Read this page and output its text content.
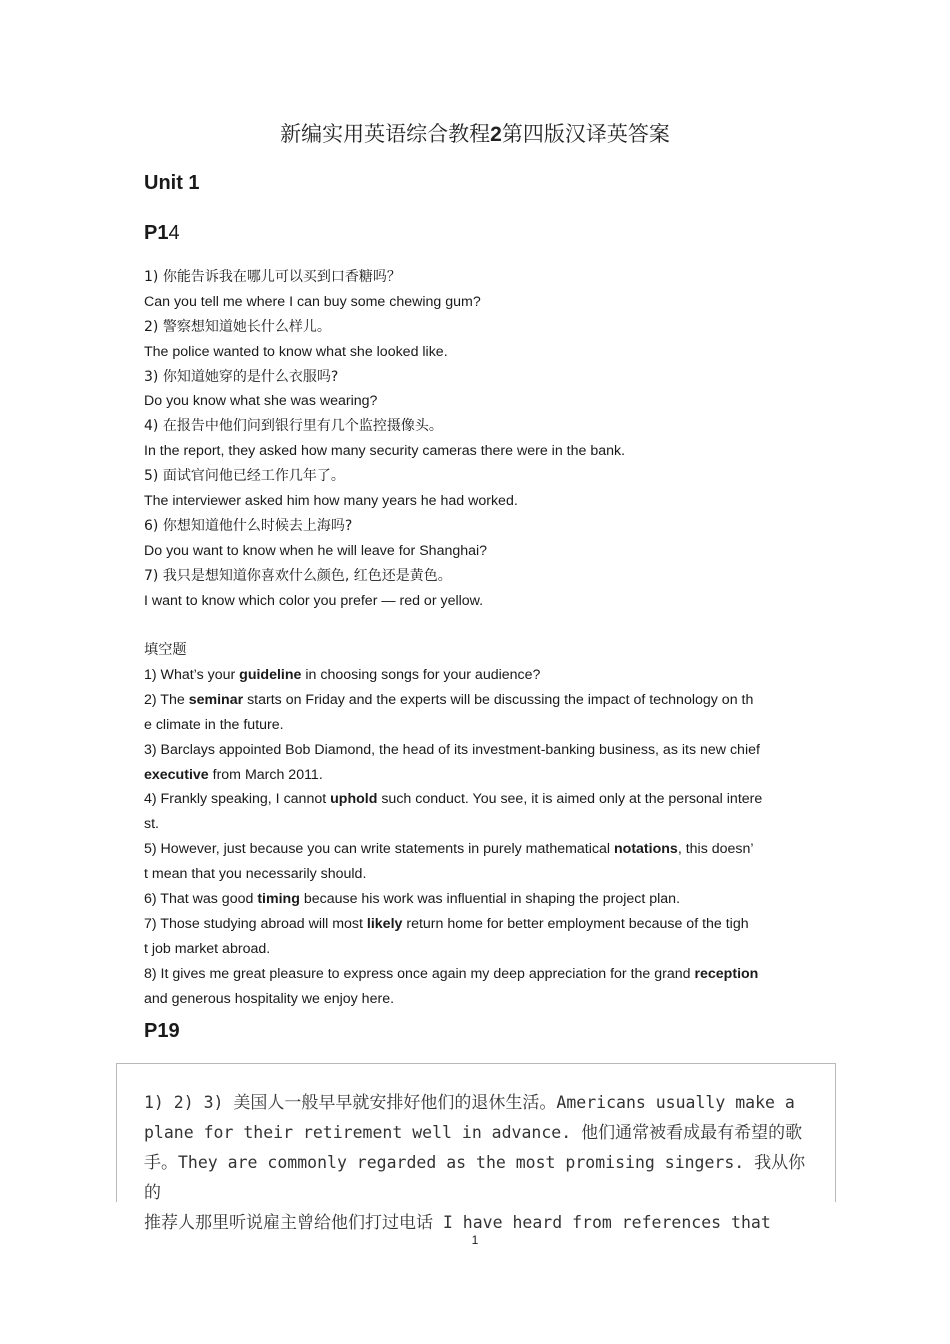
新编实用英语综合教程2第四版汉译英答案
Unit 1
P14
1) 你能告诉我在哪儿可以买到口香糖吗？
Can you tell me where I can buy some chewing gum?
2) 警察想知道她长什么样儿。
The police wanted to know what she looked like.
3) 你知道她穿的是什么衣服吗?
Do you know what she was wearing?
4) 在报告中他们问到银行里有几个监控摄像头。
In the report, they asked how many security cameras there were in the bank.
5) 面试官问他已经工作几年了。
The interviewer asked him how many years he had worked.
6) 你想知道他什么时候去上海吗?
Do you want to know when he will leave for Shanghai?
7) 我只是想知道你喜欢什么颜色, 红色还是黄色。
I want to know which color you prefer — red or yellow.
填空题
1) What’s your guideline in choosing songs for your audience?
2) The seminar starts on Friday and the experts will be discussing the impact of technology on th
e climate in the future.
3) Barclays appointed Bob Diamond, the head of its investment-banking business, as its new chief
executive from March 2011.
4) Frankly speaking, I cannot uphold such conduct. You see, it is aimed only at the personal intere
st.
5) However, just because you can write statements in purely mathematical notations, this doesn’
t mean that you necessarily should.
6) That was good timing because his work was influential in shaping the project plan.
7) Those studying abroad will most likely return home for better employment because of the tigh
t job market abroad.
8) It gives me great pleasure to express once again my deep appreciation for the grand reception
and generous hospitality we enjoy here.
P19
1) 2) 3) 美国人一般早早就安排好他们的退休生活。Americans usually make a
plane for their retirement well in advance. 他们通常被看成最有希望的歌
手。They are commonly regarded as the most promising singers. 我从你的
推荐人那里听说雇主曾给他们打过电话 I have heard from references that
1
